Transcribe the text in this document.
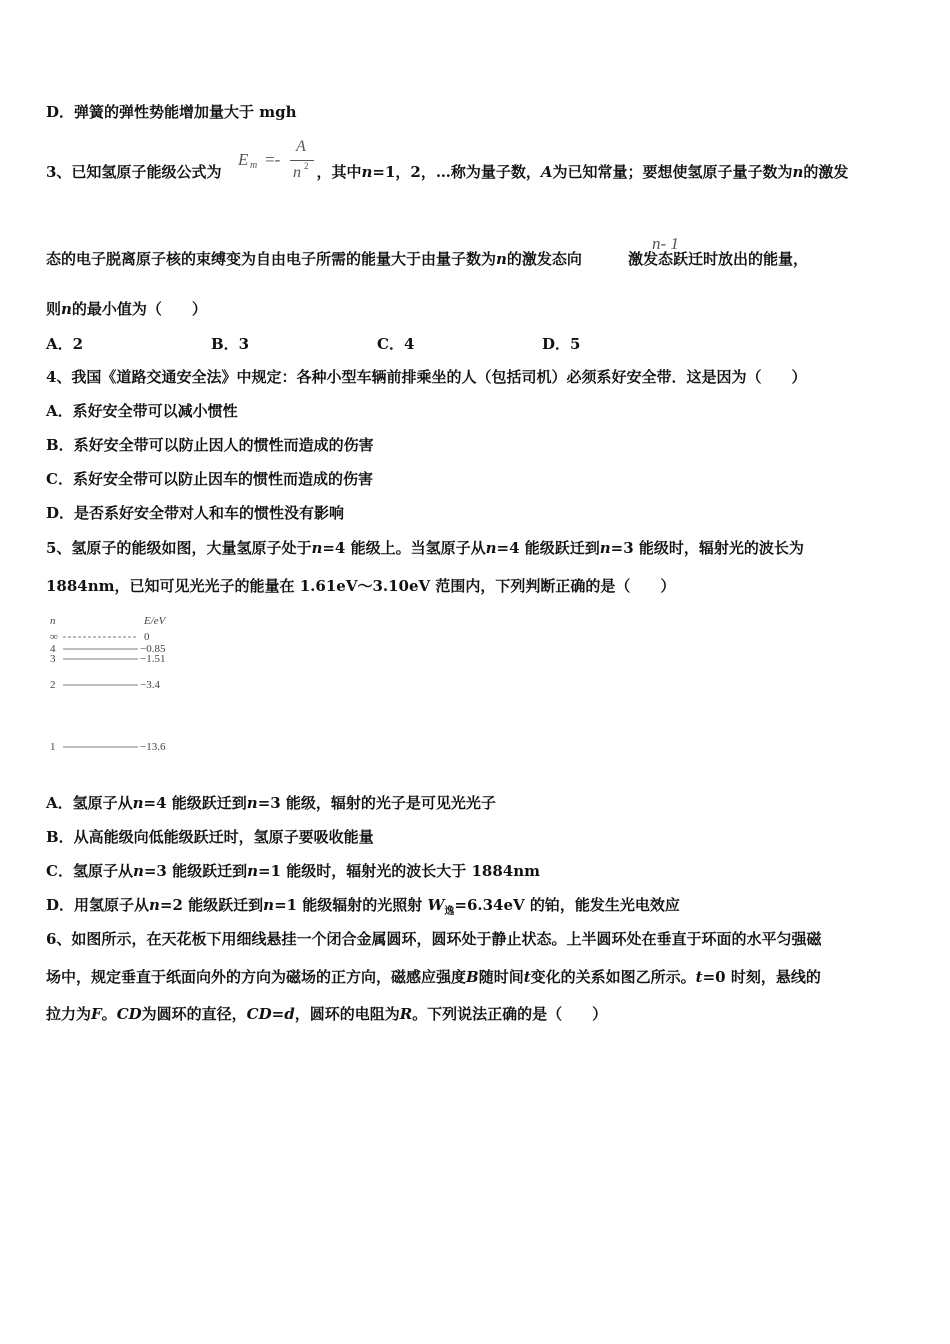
D．弹簧的弹性势能增加量大于 mgh
3、已知氢原子能级公式为	，其中n=1，2，…称为量子数，A为已知常量；要想使氢原子量子数为n的激发
E m =-
A
n 2
态的电子脱离原子核的束缚变为自由电子所需的能量大于由量子数为n的激发态向	激发态跃迁时放出的能量，
n- 1
则n的最小值为（　　）
A．2	B．3	C．4	D．5
4、我国《道路交通安全法》中规定：各种小型车辆前排乘坐的人（包括司机）必须系好安全带．这是因为（　　）
A．系好安全带可以减小惯性
B．系好安全带可以防止因人的惯性而造成的伤害
C．系好安全带可以防止因车的惯性而造成的伤害
D．是否系好安全带对人和车的惯性没有影响
5、氢原子的能级如图，大量氢原子处于n=4 能级上。当氢原子从n=4 能级跃迁到n=3 能级时，辐射光的波长为
1884nm，已知可见光光子的能量在 1.61eV～3.10eV 范围内，下列判断正确的是（　　）
n	E/eV
∞	0
4	−0.85
3	−1.51
2	−3.4
1	−13.6
A．氢原子从n=4 能级跃迁到n=3 能级，辐射的光子是可见光光子
B．从高能级向低能级跃迁时，氢原子要吸收能量
C．氢原子从n=3 能级跃迁到n=1 能级时，辐射光的波长大于 1884nm
D．用氢原子从n=2 能级跃迁到n=1 能级辐射的光照射 $W_逸=6.34eV$ 的铂，能发生光电效应
6、如图所示，在天花板下用细线悬挂一个闭合金属圆环，圆环处于静止状态。上半圆环处在垂直于环面的水平匀强磁
场中，规定垂直于纸面向外的方向为磁场的正方向，磁感应强度B随时间t变化的关系如图乙所示。t=0 时刻，悬线的
拉力为F。CD为圆环的直径，CD=d，圆环的电阻为R。下列说法正确的是（　　）
